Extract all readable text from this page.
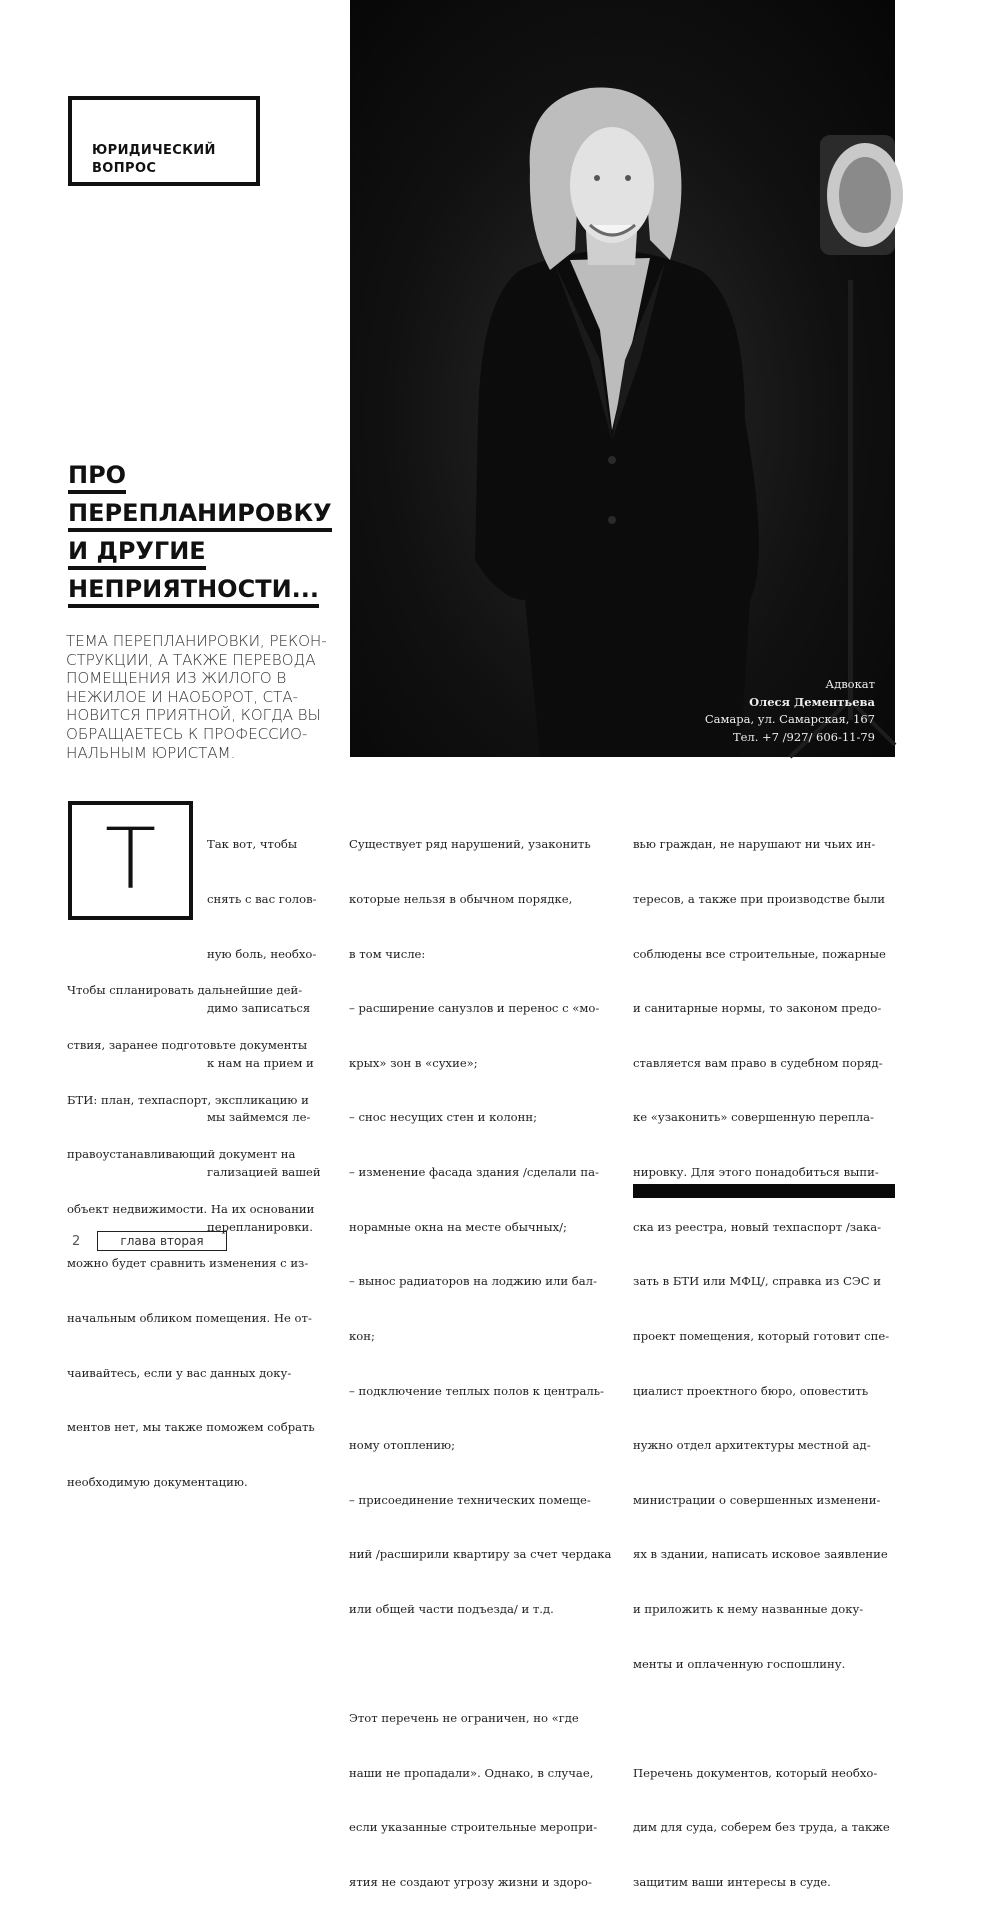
ЮРИДИЧЕСКИЙ
ВОПРОС
Адвокат
Олеся Дементьева
Самара, ул. Самарская, 167
Тел. +7 /927/ 606-11-79
ПРО
ПЕРЕПЛАНИРОВКУ
И ДРУГИЕ
НЕПРИЯТНОСТИ...
ТЕМА ПЕРЕПЛАНИРОВКИ, РЕКОН-
СТРУКЦИИ, А ТАКЖЕ ПЕРЕВОДА
ПОМЕЩЕНИЯ ИЗ ЖИЛОГО В
НЕЖИЛОЕ И НАОБОРОТ, СТА-
НОВИТСЯ ПРИЯТНОЙ, КОГДА ВЫ
ОБРАЩАЕТЕСЬ К ПРОФЕССИО-
НАЛЬНЫМ ЮРИСТАМ.
Т

	Так вот, чтобы

снять с вас голов-

ную боль, необхо-

димо записаться

к нам на прием и

мы займемся ле-

гализацией вашей

перепланировки.

Чтобы спланировать дальнейшие дей-

ствия, заранее подготовьте документы

БТИ: план, техпаспорт, экспликацию и

правоустанавливающий документ на

объект недвижимости. На их основании

можно будет сравнить изменения с из-

начальным обликом помещения. Не от-

чаивайтесь, если у вас данных доку-

ментов нет, мы также поможем собрать

необходимую документацию.

Существует ряд нарушений, узаконить

которые нельзя в обычном порядке,

в том числе:

– расширение санузлов и перенос с «мо-

крых» зон в «сухие»;

– снос несущих стен и колонн;

– изменение фасада здания /сделали па-

норамные окна на месте обычных/;

– вынос радиаторов на лоджию или бал-

кон;

– подключение теплых полов к централь-

ному отоплению;

– присоединение технических помеще-

ний /расширили квартиру за счет чердака

или общей части подъезда/ и т.д.

Этот перечень не ограничен, но «где

наши не пропадали». Однако, в случае,

если указанные строительные меропри-

ятия не создают угрозу жизни и здоро-

вью граждан, не нарушают ни чьих ин-

тересов, а также при производстве были

соблюдены все строительные, пожарные

и санитарные нормы, то законом предо-

ставляется вам право в судебном поряд-

ке «узаконить» совершенную перепла-

нировку. Для этого понадобиться выпи-

ска из реестра, новый техпаспорт /зака-

зать в БТИ или МФЦ/, справка из СЭС и

проект помещения, который готовит спе-

циалист проектного бюро, оповестить

нужно отдел архитектуры местной ад-

министрации о совершенных изменени-

ях в здании, написать исковое заявление

и приложить к нему названные доку-

менты и оплаченную госпошлину.

Перечень документов, который необхо-

дим для суда, соберем без труда, а также

защитим ваши интересы в суде.

2	глава вторая
